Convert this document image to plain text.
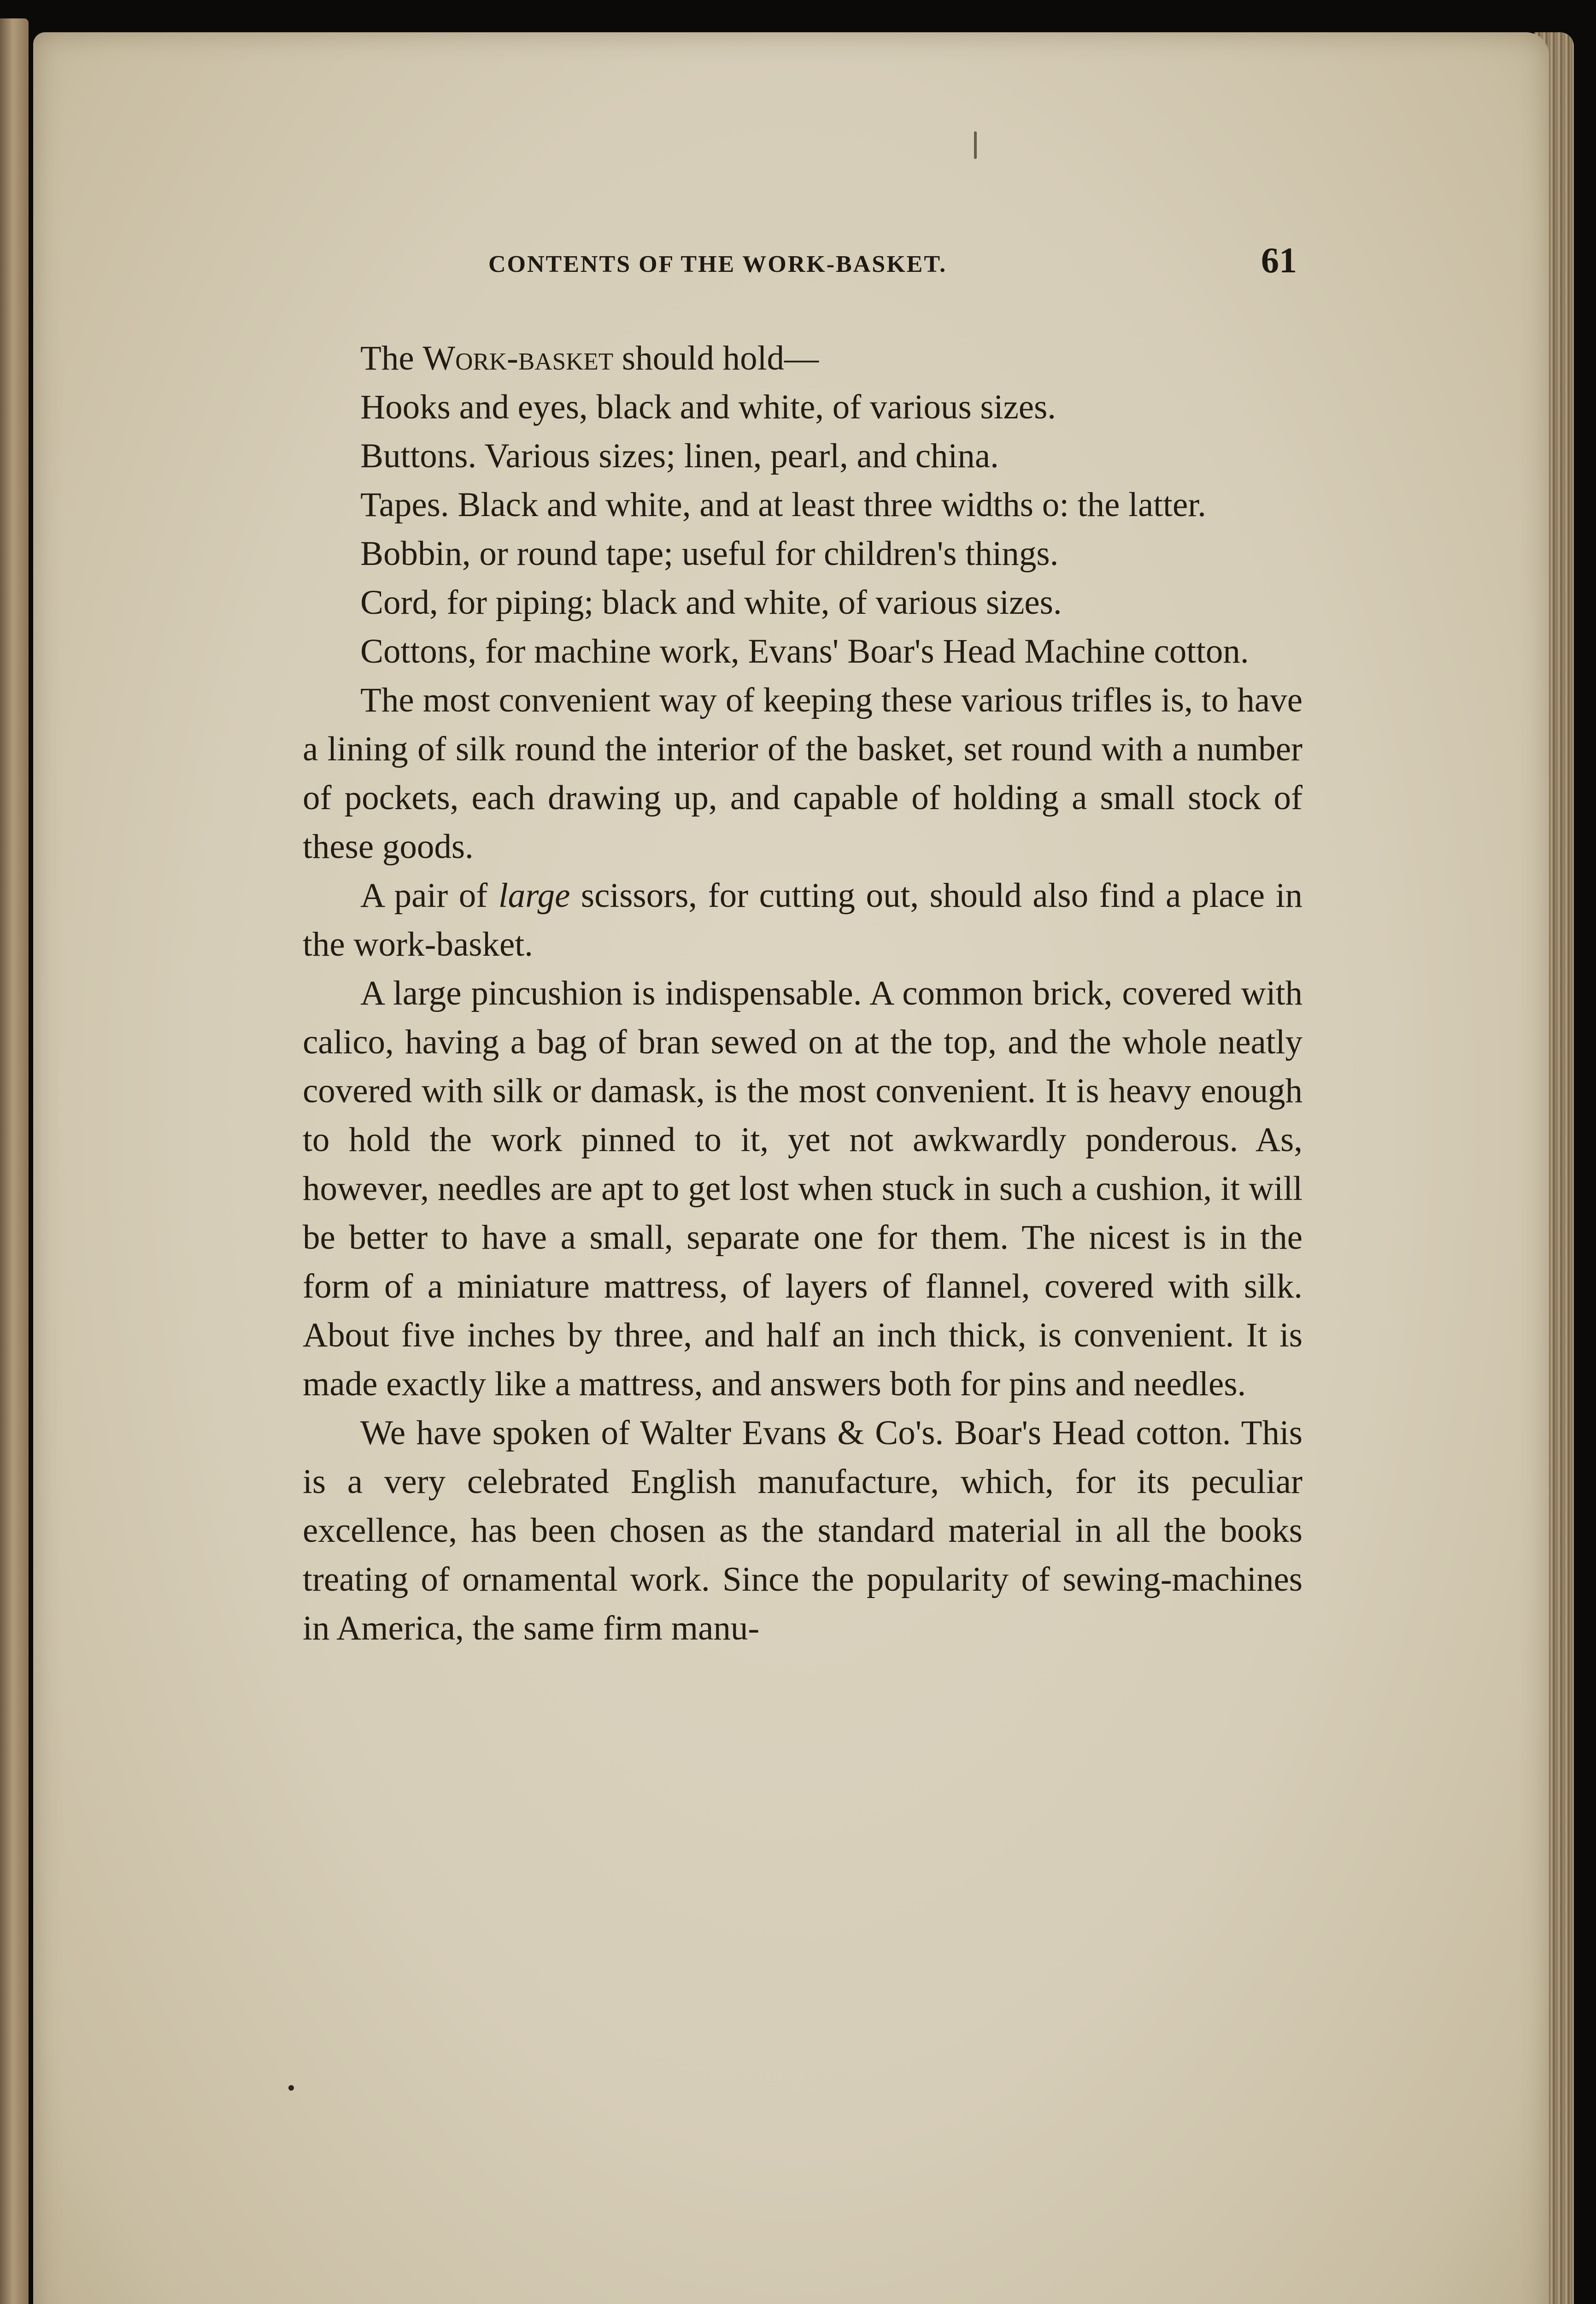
CONTENTS OF THE WORK-BASKET.	61

The Work-basket should hold—

Hooks and eyes, black and white, of various sizes.

Buttons. Various sizes; linen, pearl, and china.

Tapes. Black and white, and at least three widths o: the latter.

Bobbin, or round tape; useful for children's things.

Cord, for piping; black and white, of various sizes.

Cottons, for machine work, Evans' Boar's Head Machine cotton.

The most convenient way of keeping these various trifles is, to have a lining of silk round the interior of the basket, set round with a number of pockets, each drawing up, and capable of holding a small stock of these goods.

A pair of large scissors, for cutting out, should also find a place in the work-basket.

A large pincushion is indispensable. A common brick, covered with calico, having a bag of bran sewed on at the top, and the whole neatly covered with silk or damask, is the most convenient. It is heavy enough to hold the work pinned to it, yet not awkwardly ponderous. As, however, needles are apt to get lost when stuck in such a cushion, it will be better to have a small, separate one for them. The nicest is in the form of a miniature mattress, of layers of flannel, covered with silk. About five inches by three, and half an inch thick, is convenient. It is made exactly like a mattress, and answers both for pins and needles.

We have spoken of Walter Evans & Co's. Boar's Head cotton. This is a very celebrated English manufacture, which, for its peculiar excellence, has been chosen as the standard material in all the books treating of ornamental work. Since the popularity of sewing-machines in America, the same firm manu-
